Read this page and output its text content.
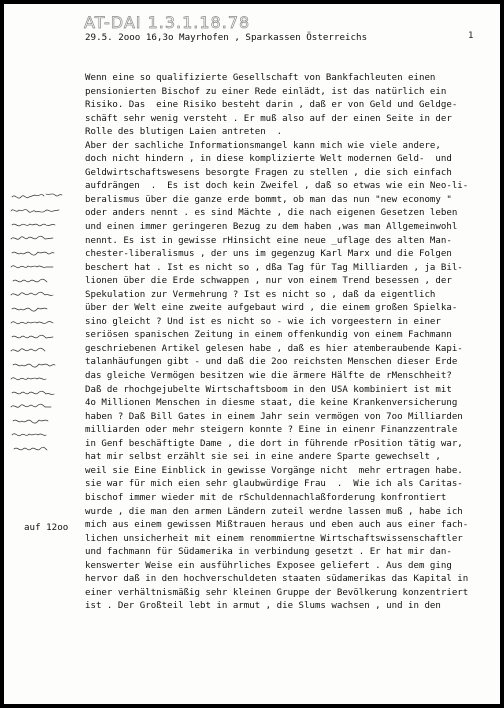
AT-DAI 1.3.1.18.78
1
29.5. 2ooo 16,3o Mayrhofen , Sparkassen Österreichs
Wenn eine so qualifizierte Gesellschaft von Bankfachleuten einen
pensionierten Bischof zu einer Rede einlädt, ist das natürlich ein
Risiko. Das  eine Risiko besteht darin , daß er von Geld und Geldge-
schäft sehr wenig versteht . Er muß also auf der einen Seite in der
Rolle des blutigen Laien antreten  .
Aber der sachliche Informationsmangel kann mich wie viele andere,
doch nicht hindern , in diese komplizierte Welt modernen Geld-  und
Geldwirtschaftswesens besorgte Fragen zu stellen , die sich einfach
aufdrängen  .  Es ist doch kein Zweifel , daß so etwas wie ein Neo-li-
beralismus über die ganze erde bommt, ob man das nun "new economy "
oder anders nennt . es sind Mächte , die nach eigenen Gesetzen leben
und einen immer geringeren Bezug zu dem haben ,was man Allgemeinwohl
nennt. Es ist in gewisse rHinsicht eine neue _uflage des alten Man-
chester-liberalismus , der uns im gegenzug Karl Marx und die Folgen
beschert hat . Ist es nicht so , dßa Tag für Tag Milliarden , ja Bil-
lionen über die Erde schwappen , nur von einem Trend besessen , der
Spekulation zur Vermehrung ? Ist es nicht so , daß da eigentlich
über der Welt eine zweite aufgebaut wird , die einem großen Spielka-
sino gleicht ? Und ist es nicht so - wie ich vorgeestern in einer
seriösen spanischen Zeitung in einem offenkundig von einem Fachmann
geschriebenen Artikel gelesen habe , daß es hier atemberaubende Kapi-
talanhäufungen gibt - und daß die 2oo reichsten Menschen dieser Erde
das gleiche Vermögen besitzen wie die ärmere Hälfte de rMenschheit?
Daß de rhochgejubelte Wirtschaftsboom in den USA kombiniert ist mit
4o Millionen Menschen in diesme staat, die keine Krankenversicherung
haben ? Daß Bill Gates in einem Jahr sein vermögen von 7oo Milliarden
milliarden oder mehr steigern konnte ? Eine in einenr Finanzzentrale
in Genf beschäftigte Dame , die dort in führende rPosition tätig war,
hat mir selbst erzählt sie sei in eine andere Sparte gewechselt ,
weil sie Eine Einblick in gewisse Vorgänge nicht  mehr ertragen habe.
sie war für mich eien sehr glaubwürdige Frau  .  Wie ich als Caritas-
bischof immer wieder mit de rSchuldennachlaßforderung konfrontiert
wurde , die man den armen Ländern zuteil werdne lassen muß , habe ich
mich aus einem gewissen Mißtrauen heraus und eben auch aus einer fach-
lichen unsicherheit mit einem renommiertne Wirtschaftswissenschaftler
und fachmann für Südamerika in verbindung gesetzt . Er hat mir dan-
kenswerter Weise ein ausführliches Exposee geliefert . Aus dem ging
hervor daß in den hochverschuldeten staaten südamerikas das Kapital in
einer verhältnismäßig sehr kleinen Gruppe der Bevölkerung konzentriert
ist . Der Großteil lebt in armut , die Slums wachsen , und in den
auf 12oo
